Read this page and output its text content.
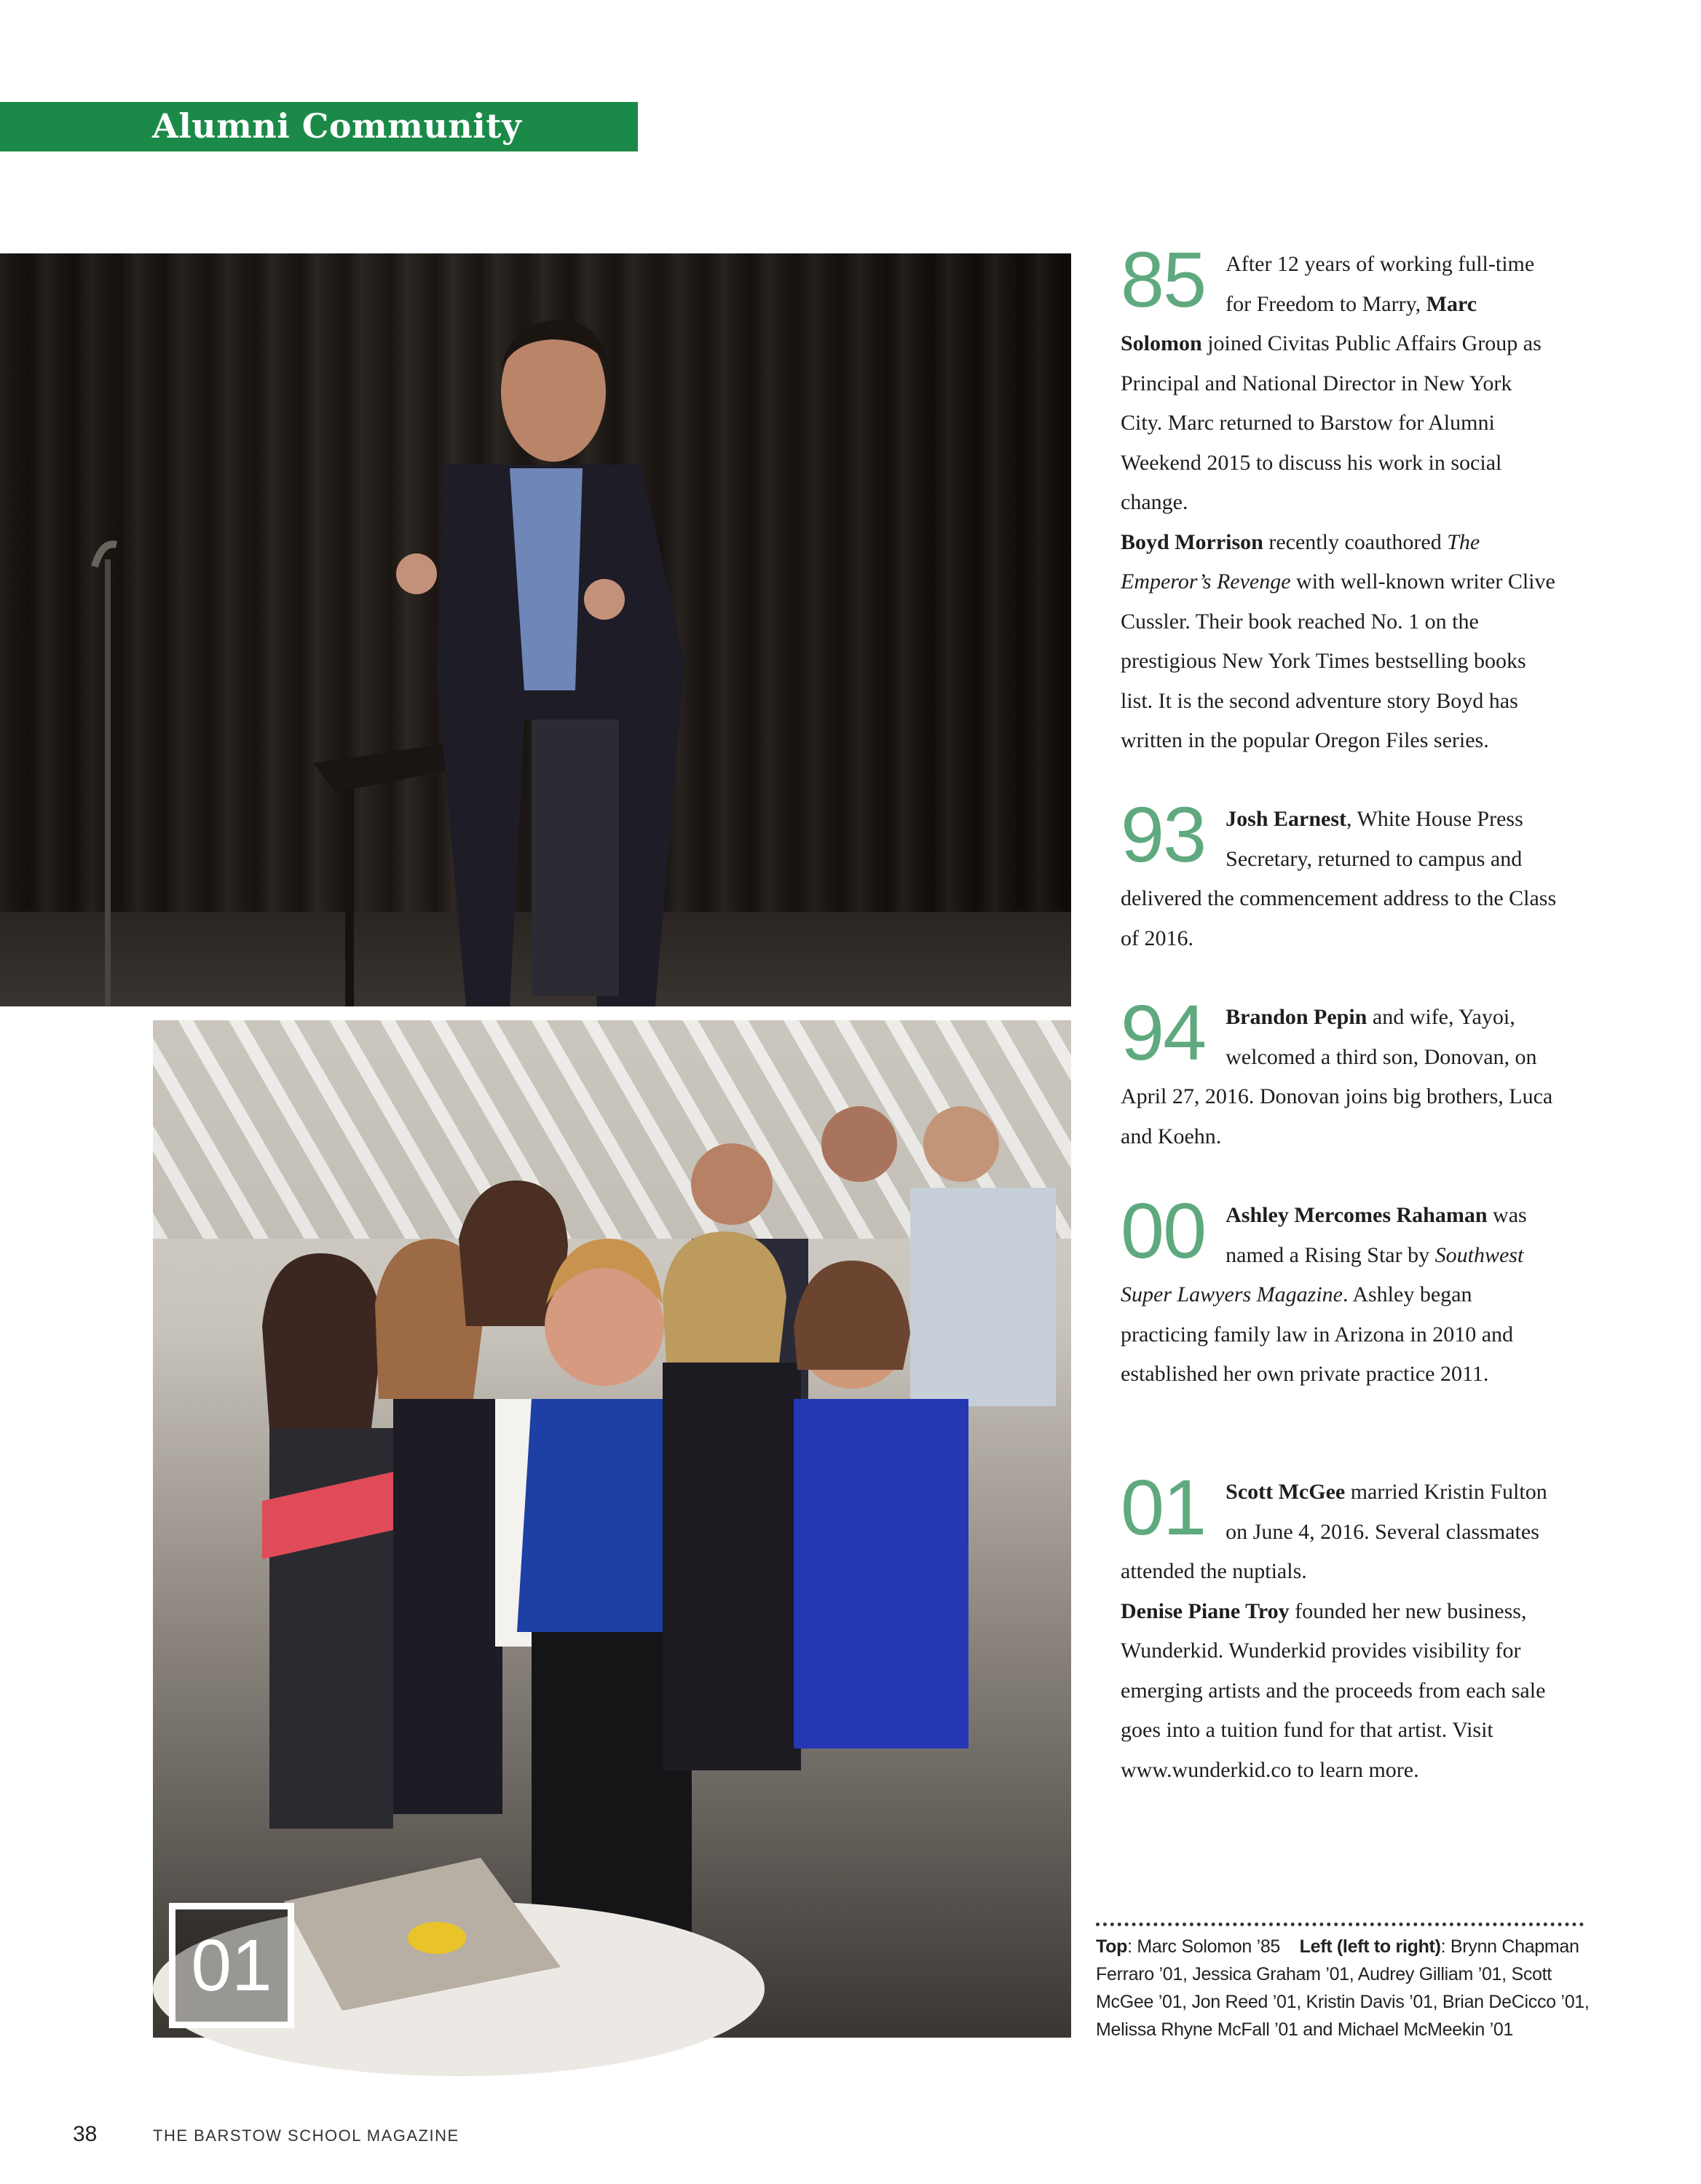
Alumni Community
01
85 After 12 years of working full-time for Freedom to Marry, Marc Solomon joined Civitas Public Affairs Group as Principal and National Director in New York City. Marc returned to Barstow for Alumni Weekend 2015 to discuss his work in social change.

Boyd Morrison recently coauthored The Emperor’s Revenge with well-known writer Clive Cussler. Their book reached No. 1 on the prestigious New York Times bestselling books list. It is the second adventure story Boyd has written in the popular Oregon Files series.

93 Josh Earnest, White House Press Secretary, returned to campus and delivered the commencement address to the Class of 2016.

94 Brandon Pepin and wife, Yayoi, welcomed a third son, Donovan, on April 27, 2016. Donovan joins big brothers, Luca and Koehn.

00 Ashley Mercomes Rahaman was named a Rising Star by Southwest Super Lawyers Magazine. Ashley began practicing family law in Arizona in 2010 and established her own private practice 2011.

01 Scott McGee married Kristin Fulton on June 4, 2016. Several classmates attended the nuptials.

Denise Piane Troy founded her new business, Wunderkid. Wunderkid provides visibility for emerging artists and the proceeds from each sale goes into a tuition fund for that artist. Visit www.wunderkid.co to learn more.

Top: Marc Solomon ’85 Left (left to right): Brynn Chapman Ferraro ’01, Jessica Graham ’01, Audrey Gilliam ’01, Scott McGee ’01, Jon Reed ’01, Kristin Davis ’01, Brian DeCicco ’01, Melissa Rhyne McFall ’01 and Michael McMeekin ’01
38	THE BARSTOW SCHOOL MAGAZINE
